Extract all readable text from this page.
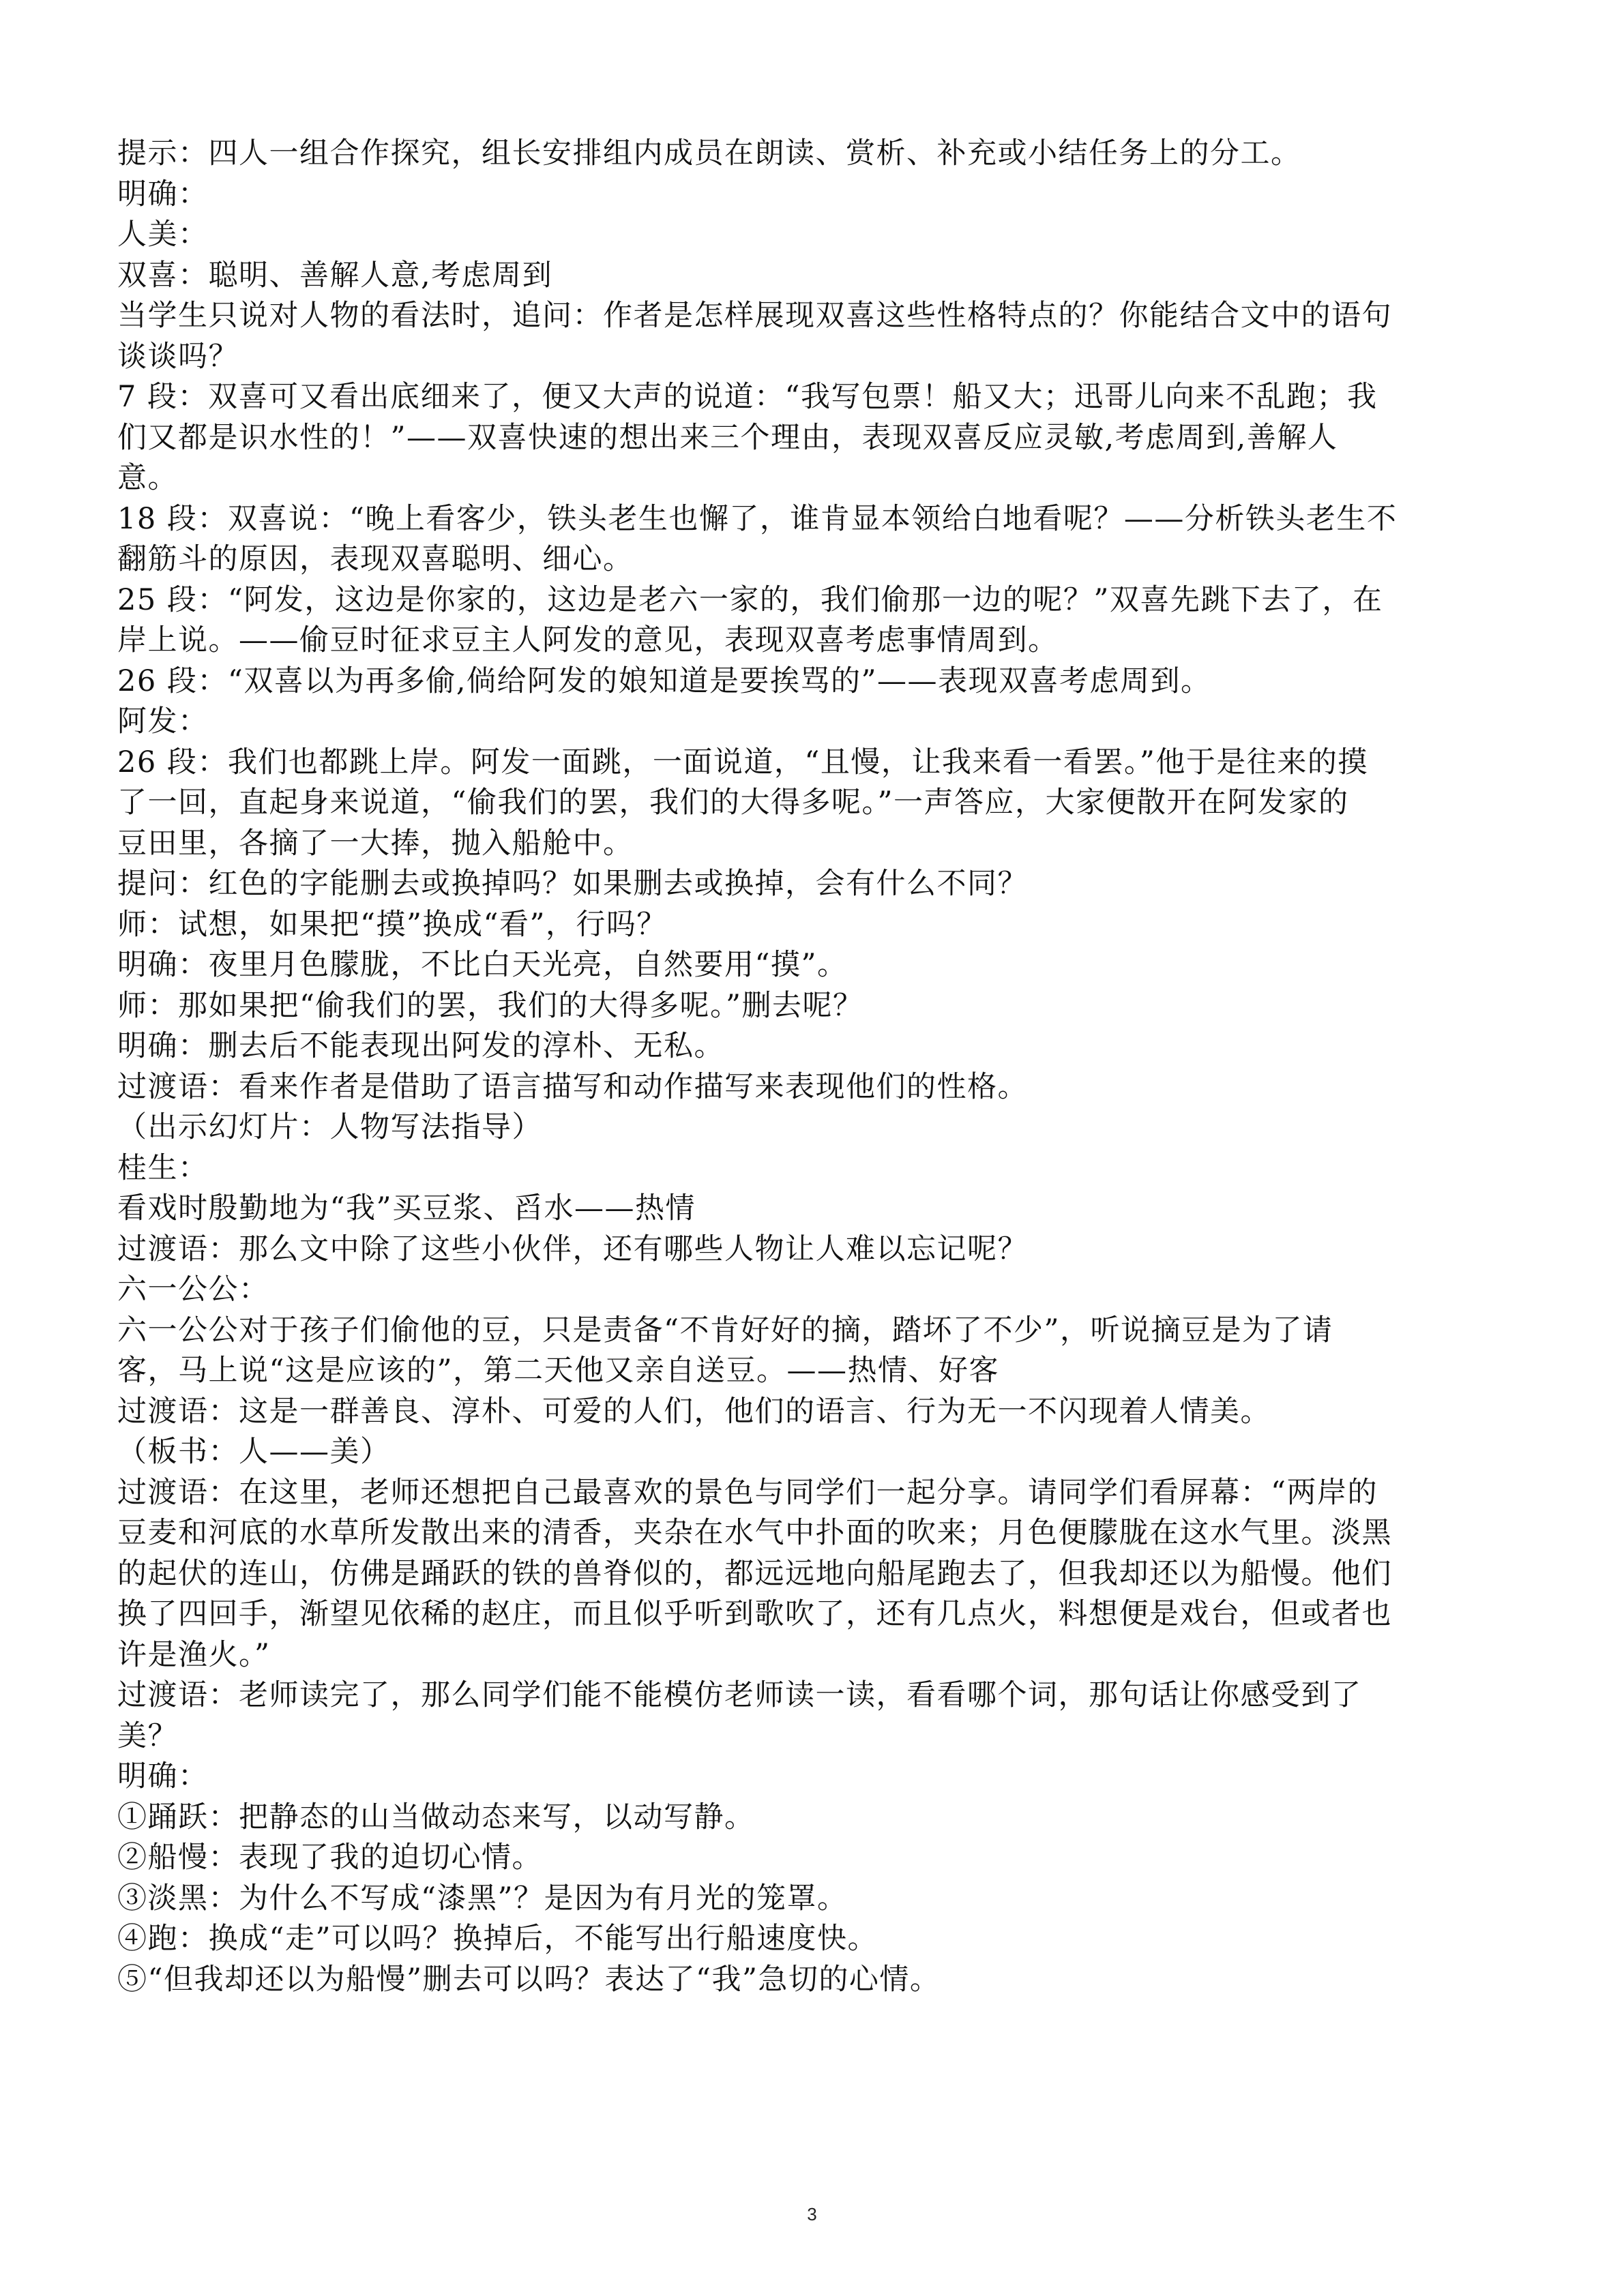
提示：四人一组合作探究，组长安排组内成员在朗读、赏析、补充或小结任务上的分工。

明确：

人美：

双喜：聪明、善解人意,考虑周到

当学生只说对人物的看法时，追问：作者是怎样展现双喜这些性格特点的？你能结合文中的语句

谈谈吗？

7 段：双喜可又看出底细来了，便又大声的说道：“我写包票！船又大；迅哥儿向来不乱跑；我

们又都是识水性的！”——双喜快速的想出来三个理由，表现双喜反应灵敏,考虑周到,善解人

意。

18 段：双喜说：“晚上看客少，铁头老生也懈了，谁肯显本领给白地看呢？——分析铁头老生不

翻筋斗的原因，表现双喜聪明、细心。

25 段：“阿发，这边是你家的，这边是老六一家的，我们偷那一边的呢？”双喜先跳下去了，在

岸上说。——偷豆时征求豆主人阿发的意见，表现双喜考虑事情周到。

26 段：“双喜以为再多偷,倘给阿发的娘知道是要挨骂的”——表现双喜考虑周到。

阿发：

26 段：我们也都跳上岸。阿发一面跳，一面说道，“且慢，让我来看一看罢。”他于是往来的摸

了一回，直起身来说道，“偷我们的罢，我们的大得多呢。”一声答应，大家便散开在阿发家的

豆田里，各摘了一大捧，抛入船舱中。

提问：红色的字能删去或换掉吗？如果删去或换掉，会有什么不同？

师：试想，如果把“摸”换成“看”，行吗？

明确：夜里月色朦胧，不比白天光亮，自然要用“摸”。

师：那如果把“偷我们的罢，我们的大得多呢。”删去呢？

明确：删去后不能表现出阿发的淳朴、无私。

过渡语：看来作者是借助了语言描写和动作描写来表现他们的性格。

（出示幻灯片：人物写法指导）

桂生：

看戏时殷勤地为“我”买豆浆、舀水——热情

过渡语：那么文中除了这些小伙伴，还有哪些人物让人难以忘记呢？

六一公公：

六一公公对于孩子们偷他的豆，只是责备“不肯好好的摘，踏坏了不少”，听说摘豆是为了请

客，马上说“这是应该的”，第二天他又亲自送豆。——热情、好客

过渡语：这是一群善良、淳朴、可爱的人们，他们的语言、行为无一不闪现着人情美。

（板书：人——美）

过渡语：在这里，老师还想把自己最喜欢的景色与同学们一起分享。请同学们看屏幕：“两岸的

豆麦和河底的水草所发散出来的清香，夹杂在水气中扑面的吹来；月色便朦胧在这水气里。淡黑

的起伏的连山，仿佛是踊跃的铁的兽脊似的，都远远地向船尾跑去了，但我却还以为船慢。他们

换了四回手，渐望见依稀的赵庄，而且似乎听到歌吹了，还有几点火，料想便是戏台，但或者也

许是渔火。”

过渡语：老师读完了，那么同学们能不能模仿老师读一读，看看哪个词，那句话让你感受到了

美？

明确：

①踊跃：把静态的山当做动态来写，以动写静。

②船慢：表现了我的迫切心情。

③淡黑：为什么不写成“漆黑”？是因为有月光的笼罩。

④跑：换成“走”可以吗？换掉后，不能写出行船速度快。

⑤“但我却还以为船慢”删去可以吗？表达了“我”急切的心情。

3
